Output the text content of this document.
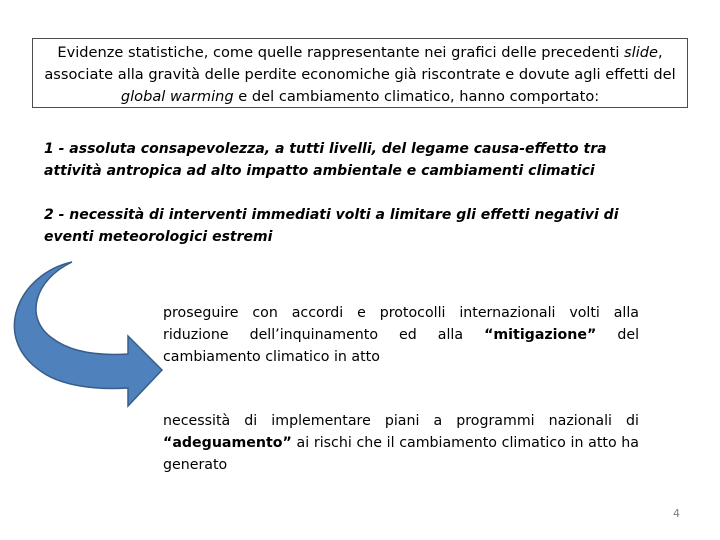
Evidenze statistiche, come quelle rappresentante nei grafici delle precedenti slide, associate alla gravità delle perdite economiche già riscontrate e dovute agli effetti del global warming e del cambiamento climatico, hanno comportato:
1 - assoluta consapevolezza, a tutti livelli, del legame causa-effetto tra attività antropica ad alto impatto ambientale e cambiamenti climatici
2 - necessità di interventi immediati volti a limitare gli effetti negativi di eventi meteorologici estremi
proseguire con accordi e protocolli internazionali volti alla riduzione dell’inquinamento ed alla “mitigazione” del cambiamento climatico in atto
necessità di implementare piani a programmi nazionali di “adeguamento” ai rischi che il cambiamento climatico in atto ha generato
4
